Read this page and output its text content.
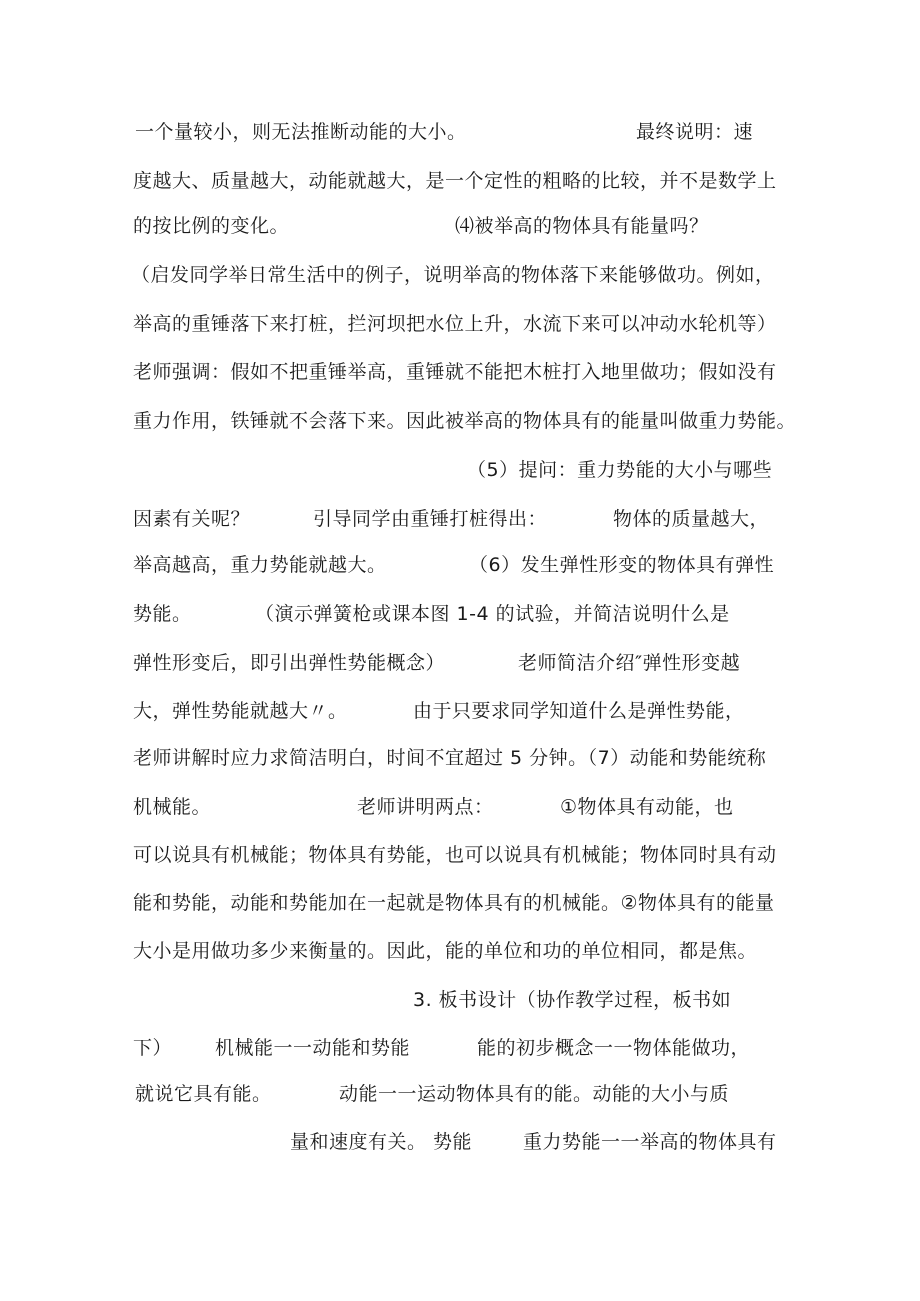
一个量较小，则无法推断动能的大小。	最终说明：速
度越大、质量越大，动能就越大，是一个定性的粗略的比较，并不是数学上
的按比例的变化。	⑷被举高的物体具有能量吗？
（启发同学举日常生活中的例子，说明举高的物体落下来能够做功。例如，
举高的重锤落下来打桩，拦河坝把水位上升，水流下来可以冲动水轮机等）
老师强调：假如不把重锤举高，重锤就不能把木桩打入地里做功；假如没有
重力作用，铁锤就不会落下来。因此被举高的物体具有的能量叫做重力势能。
（5）提问：重力势能的大小与哪些
因素有关呢？	引导同学由重锤打桩得出：	物体的质量越大，
举高越高，重力势能就越大。	（6）发生弹性形变的物体具有弹性
势能。	（演示弹簧枪或课本图 1-4 的试验，并简洁说明什么是
弹性形变后，即引出弹性势能概念）	老师简洁介绍″弹性形变越
大，弹性势能就越大〃。	由于只要求同学知道什么是弹性势能，
老师讲解时应力求简洁明白，时间不宜超过 5 分钟。（7）动能和势能统称
机械能。	老师讲明两点：	①物体具有动能，也
可以说具有机械能；物体具有势能，也可以说具有机械能；物体同时具有动
能和势能，动能和势能加在一起就是物体具有的机械能。②物体具有的能量
大小是用做功多少来衡量的。因此，能的单位和功的单位相同，都是焦。
3. 板书设计（协作教学过程，板书如
下） 机械能一一动能和势能	能的初步概念一一物体能做功，
就说它具有能。	动能一一运动物体具有的能。动能的大小与质
量和速度有关。 势能	重力势能一一举高的物体具有
